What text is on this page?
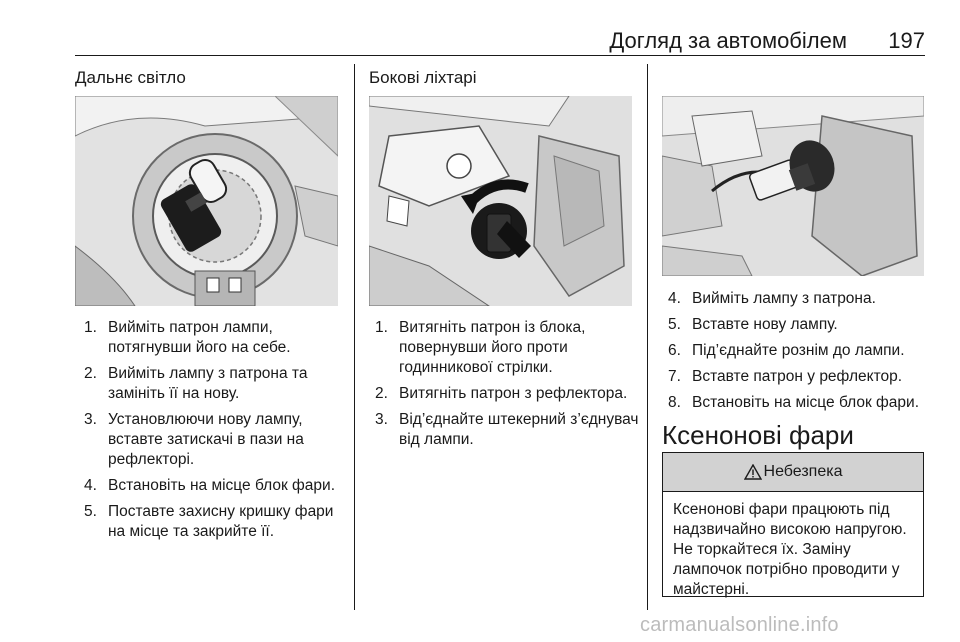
Догляд за автомобілем 197
Дальнє світло
1. Вийміть патрон лампи, потягнувши його на себе.
2. Вийміть лампу з патрона та замініть її на нову.
3. Установлюючи нову лампу, вставте затискачі в пази на рефлекторі.
4. Встановіть на місце блок фари.
5. Поставте захисну кришку фари на місце та закрийте її.
Бокові ліхтарі
1. Витягніть патрон із блока, повернувши його проти годинникової стрілки.
2. Витягніть патрон з рефлектора.
3. Від’єднайте штекерний з’єднувач від лампи.
4. Вийміть лампу з патрона.
5. Вставте нову лампу.
6. Під’єднайте рознім до лампи.
7. Вставте патрон у рефлектор.
8. Встановіть на місце блок фари.
Ксенонові фари
Небезпека
Ксенонові фари працюють під надзвичайно високою напругою. Не торкайтеся їх. Заміну лампочок потрібно проводити у майстерні.
carmanualsonline.info
